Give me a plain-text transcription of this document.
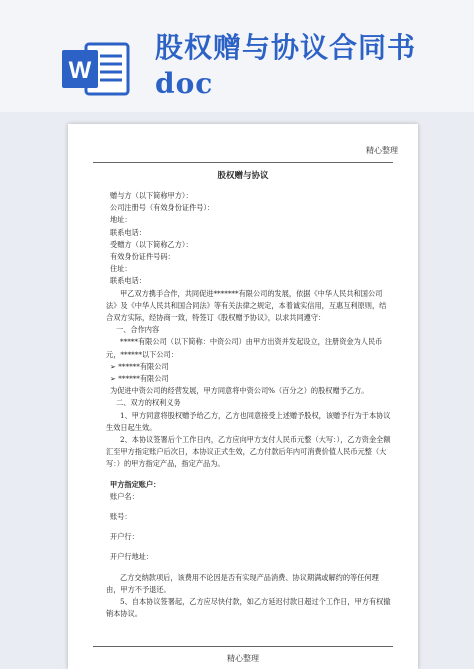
W
股权赠与协议合同书doc
精心整理
股权赠与协议
赠与方（以下简称甲方）：
公司注册号（有效身份证件号）：
地址：
联系电话：
受赠方（以下简称乙方）：
有效身份证件号码：
住址：
联系电话：
甲乙双方携手合作，共同促进*******有限公司的发展，依据《中华人民共和国公司法》及《中华人民共和国合同法》等有关法律之规定，本着诚实信用，互惠互利原则，结合双方实际，经协商一致，特签订《股权赠予协议》，以求共同遵守：
一、合作内容
*****有限公司（以下简称：中资公司）由甲方出资并发起设立，注册资金为人民币元，******以下公司：
➢ ******有限公司
➢ ******有限公司
为促进中资公司的经营发展，甲方同意将中资公司%（百分之）的股权赠予乙方。
二、双方的权利义务
1、甲方同意将股权赠予给乙方，乙方也同意接受上述赠予股权，该赠予行为于本协议生效日起生效。
2、本协议签署后个工作日内，乙方应向甲方支付人民币元整（大写：），乙方资金全额汇至甲方指定账户后次日，本协议正式生效，乙方付款后年内可消费价值人民币元整（大写：）的甲方指定产品，指定产品为。
甲方指定账户：
账户名：
账号：
开户行：
开户行地址：
乙方交纳款项后，该费用不论因是否有实现产品消费、协议期满或解约的等任何理由，甲方不予退还。
5、自本协议签署起，乙方应尽快付款，如乙方延迟付款日超过个工作日，甲方有权撤销本协议。
精心整理
